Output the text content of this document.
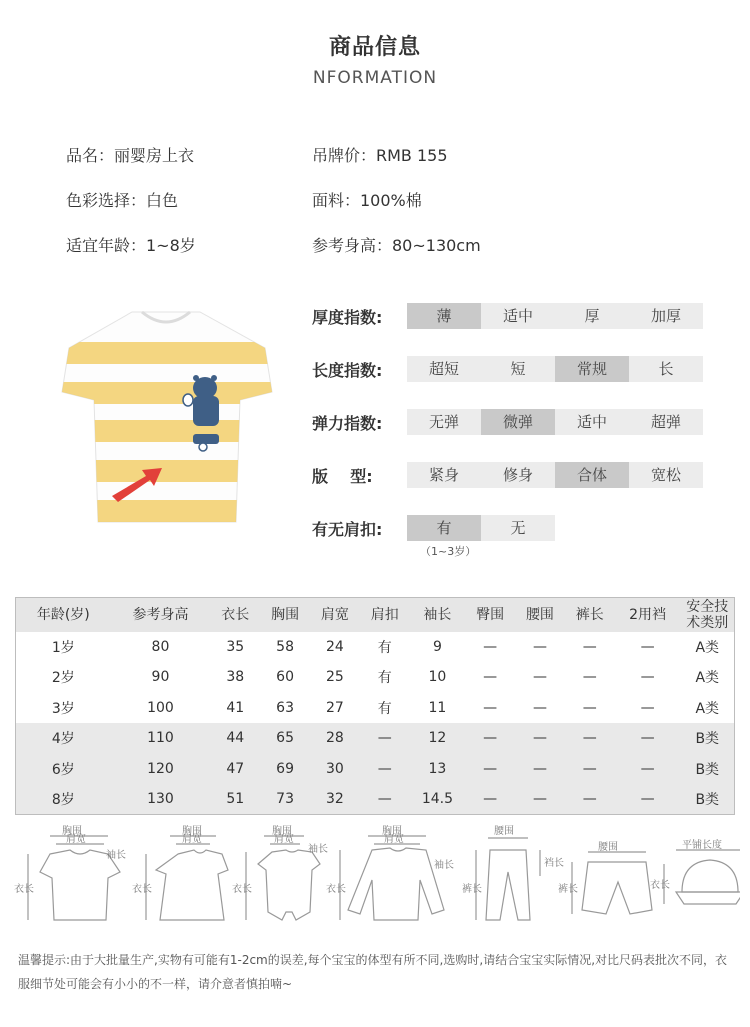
商品信息
NFORMATION
品名：丽婴房上衣	吊牌价：RMB 155
色彩选择：白色	面料：100%棉
适宜年龄：1~8岁	参考身高：80~130cm
厚度指数:	薄	适中	厚	加厚
长度指数:	超短	短	常规	长
弹力指数:	无弹	微弹	适中	超弹
版    型:	紧身	修身	合体	宽松
有无肩扣:	有	无
（1~3岁）
年龄(岁)	参考身高	衣长	胸围	肩宽	肩扣	袖长	臀围	腰围	裤长	2用裆	安全技术类别
1岁	80	35	58	24	有	9	—	—	—	—	A类
2岁	90	38	60	25	有	10	—	—	—	—	A类
3岁	100	41	63	27	有	11	—	—	—	—	A类
4岁	110	44	65	28	—	12	—	—	—	—	B类
6岁	120	47	69	30	—	13	—	—	—	—	B类
8岁	130	51	73	32	—	14.5	—	—	—	—	B类
胸围
肩宽
袖长
衣长
胸围
肩宽
衣长
胸围
肩宽
袖长
衣长
胸围
肩宽
袖长
衣长
腰围
裆长
裤长
腰围
裤长
平铺长度
衣长
温馨提示:由于大批量生产,实物有可能有1-2cm的误差,每个宝宝的体型有所不同,选购时,请结合宝宝实际情况,对比尺码表批次不同，衣服细节处可能会有小小的不一样，请介意者慎拍喃~
